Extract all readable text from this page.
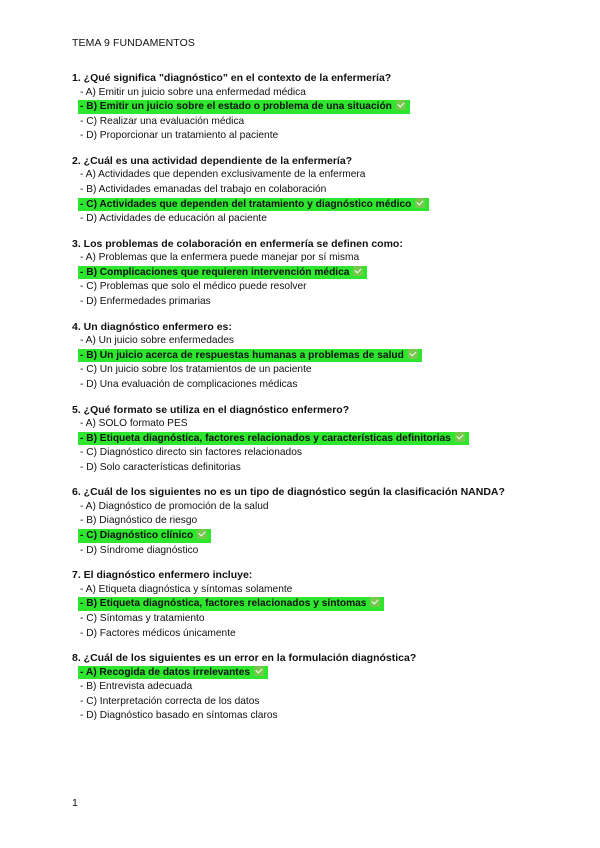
TEMA 9 FUNDAMENTOS
1. ¿Qué significa "diagnóstico" en el contexto de la enfermería?
- A) Emitir un juicio sobre una enfermedad médica
- B) Emitir un juicio sobre el estado o problema de una situación
- C) Realizar una evaluación médica
- D) Proporcionar un tratamiento al paciente
2. ¿Cuál es una actividad dependiente de la enfermería?
- A) Actividades que dependen exclusivamente de la enfermera
- B) Actividades emanadas del trabajo en colaboración
- C) Actividades que dependen del tratamiento y diagnóstico médico
- D) Actividades de educación al paciente
3. Los problemas de colaboración en enfermería se definen como:
- A) Problemas que la enfermera puede manejar por sí misma
- B) Complicaciones que requieren intervención médica
- C) Problemas que solo el médico puede resolver
- D) Enfermedades primarias
4. Un diagnóstico enfermero es:
- A) Un juicio sobre enfermedades
- B) Un juicio acerca de respuestas humanas a problemas de salud
- C) Un juicio sobre los tratamientos de un paciente
- D) Una evaluación de complicaciones médicas
5. ¿Qué formato se utiliza en el diagnóstico enfermero?
- A) SOLO formato PES
- B) Etiqueta diagnóstica, factores relacionados y características definitorias
- C) Diagnóstico directo sin factores relacionados
- D) Solo características definitorias
6. ¿Cuál de los siguientes no es un tipo de diagnóstico según la clasificación NANDA?
- A) Diagnóstico de promoción de la salud
- B) Diagnóstico de riesgo
- C) Diagnóstico clínico
- D) Síndrome diagnóstico
7. El diagnóstico enfermero incluye:
- A) Etiqueta diagnóstica y síntomas solamente
- B) Etiqueta diagnóstica, factores relacionados y síntomas
- C) Síntomas y tratamiento
- D) Factores médicos únicamente
8. ¿Cuál de los siguientes es un error en la formulación diagnóstica?
- A) Recogida de datos irrelevantes
- B) Entrevista adecuada
- C) Interpretación correcta de los datos
- D) Diagnóstico basado en síntomas claros
1
